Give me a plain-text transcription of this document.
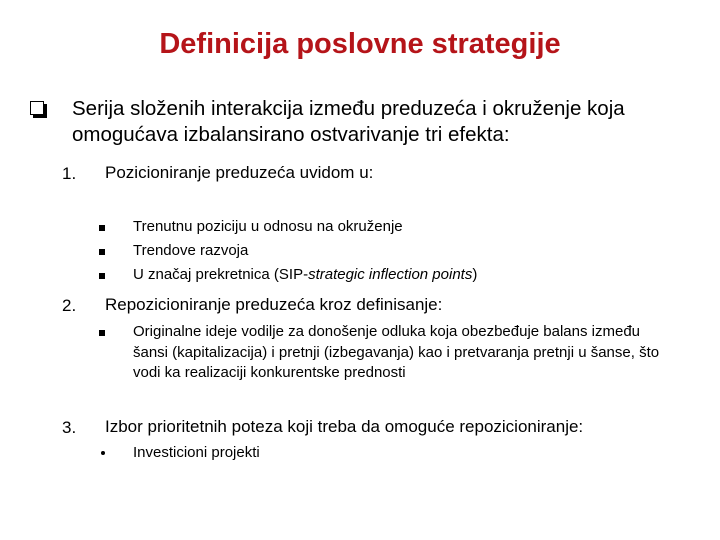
Definicija poslovne strategije
Serija složenih interakcija između preduzeća i okruženje koja omogućava izbalansirano ostvarivanje tri efekta:
1. Pozicioniranje preduzeća uvidom u:
Trenutnu poziciju u odnosu na okruženje
Trendove razvoja
U značaj prekretnica (SIP-strategic inflection points)
2. Repozicioniranje preduzeća kroz definisanje:
Originalne ideje vodilje za donošenje odluka koja obezbeđuje balans između šansi (kapitalizacija) i pretnji (izbegavanja) kao i pretvaranja pretnji u šanse, što vodi ka realizaciji konkurentske prednosti
3. Izbor prioritetnih poteza koji treba da omoguće repozicioniranje:
Investicioni projekti
